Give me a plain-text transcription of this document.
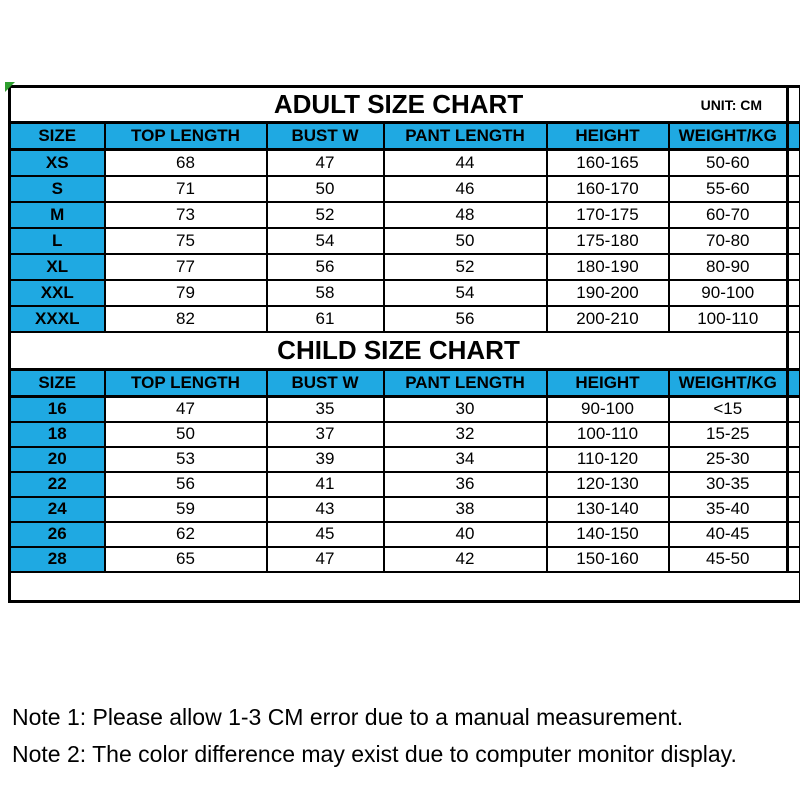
ADULT SIZE CHART UNIT: CM						

SIZE	TOP LENGTH	BUST W	PANT LENGTH	HEIGHT	WEIGHT/KG	
XS	68	47	44	160-165	50-60	
S	71	50	46	160-170	55-60	
M	73	52	48	170-175	60-70	
L	75	54	50	175-180	70-80	
XL	77	56	52	180-190	80-90	
XXL	79	58	54	190-200	90-100	
XXXL	82	61	56	200-210	100-110	

CHILD SIZE CHART						

SIZE	TOP LENGTH	BUST W	PANT LENGTH	HEIGHT	WEIGHT/KG	
16	47	35	30	90-100	<15	
18	50	37	32	100-110	15-25	
20	53	39	34	110-120	25-30	
22	56	41	36	120-130	30-35	
24	59	43	38	130-140	35-40	
26	62	45	40	140-150	40-45	
28	65	47	42	150-160	45-50	

Note 1: Please allow 1-3 CM error due to a manual measurement.
Note 2: The color difference may exist due to computer monitor display.
